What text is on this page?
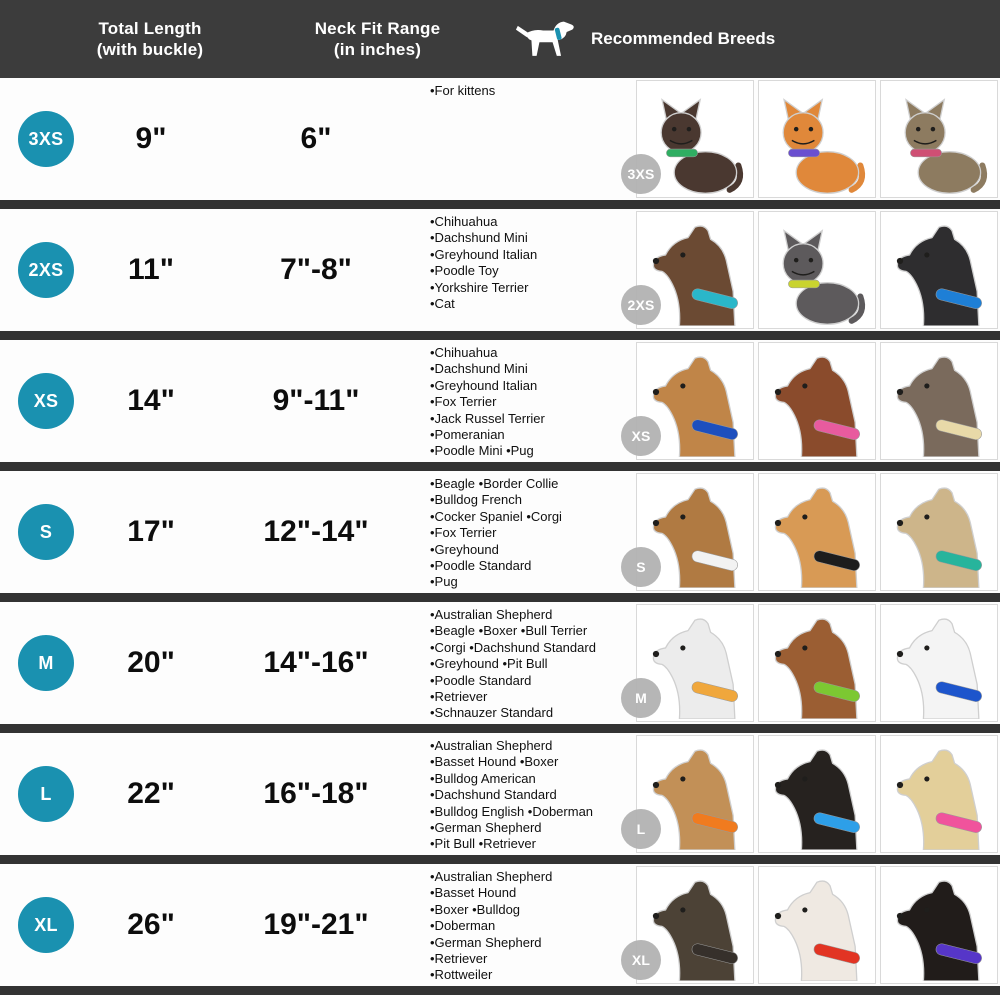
Total Length
(with buckle)
Neck Fit Range
(in inches)
Recommended Breeds
3XS	9"	6"
•For kittens
3XS
2XS	11"	7"-8"
•Chihuahua
•Dachshund Mini
•Greyhound Italian
•Poodle Toy
•Yorkshire Terrier
•Cat	2XS
XS	14"	9"-11"
•Chihuahua
•Dachshund Mini
•Greyhound Italian
•Fox Terrier
•Jack Russel Terrier
•Pomeranian
•Poodle Mini •Pug
XS
S	17"	12"-14"
•Beagle •Border Collie
•Bulldog French
•Cocker Spaniel •Corgi
•Fox Terrier
•Greyhound
•Poodle Standard
•Pug
S
M	20"	14"-16"
•Australian Shepherd
•Beagle •Boxer •Bull Terrier
•Corgi •Dachshund Standard
•Greyhound •Pit Bull
•Poodle Standard
•Retriever
•Schnauzer Standard
M
L	22"	16"-18"
•Australian Shepherd
•Basset Hound •Boxer
•Bulldog American
•Dachshund Standard
•Bulldog English •Doberman
•German Shepherd
•Pit Bull •Retriever
L
XL	26"	19"-21"
•Australian Shepherd
•Basset Hound
•Boxer •Bulldog
•Doberman
•German Shepherd
•Retriever
•Rottweiler
XL
